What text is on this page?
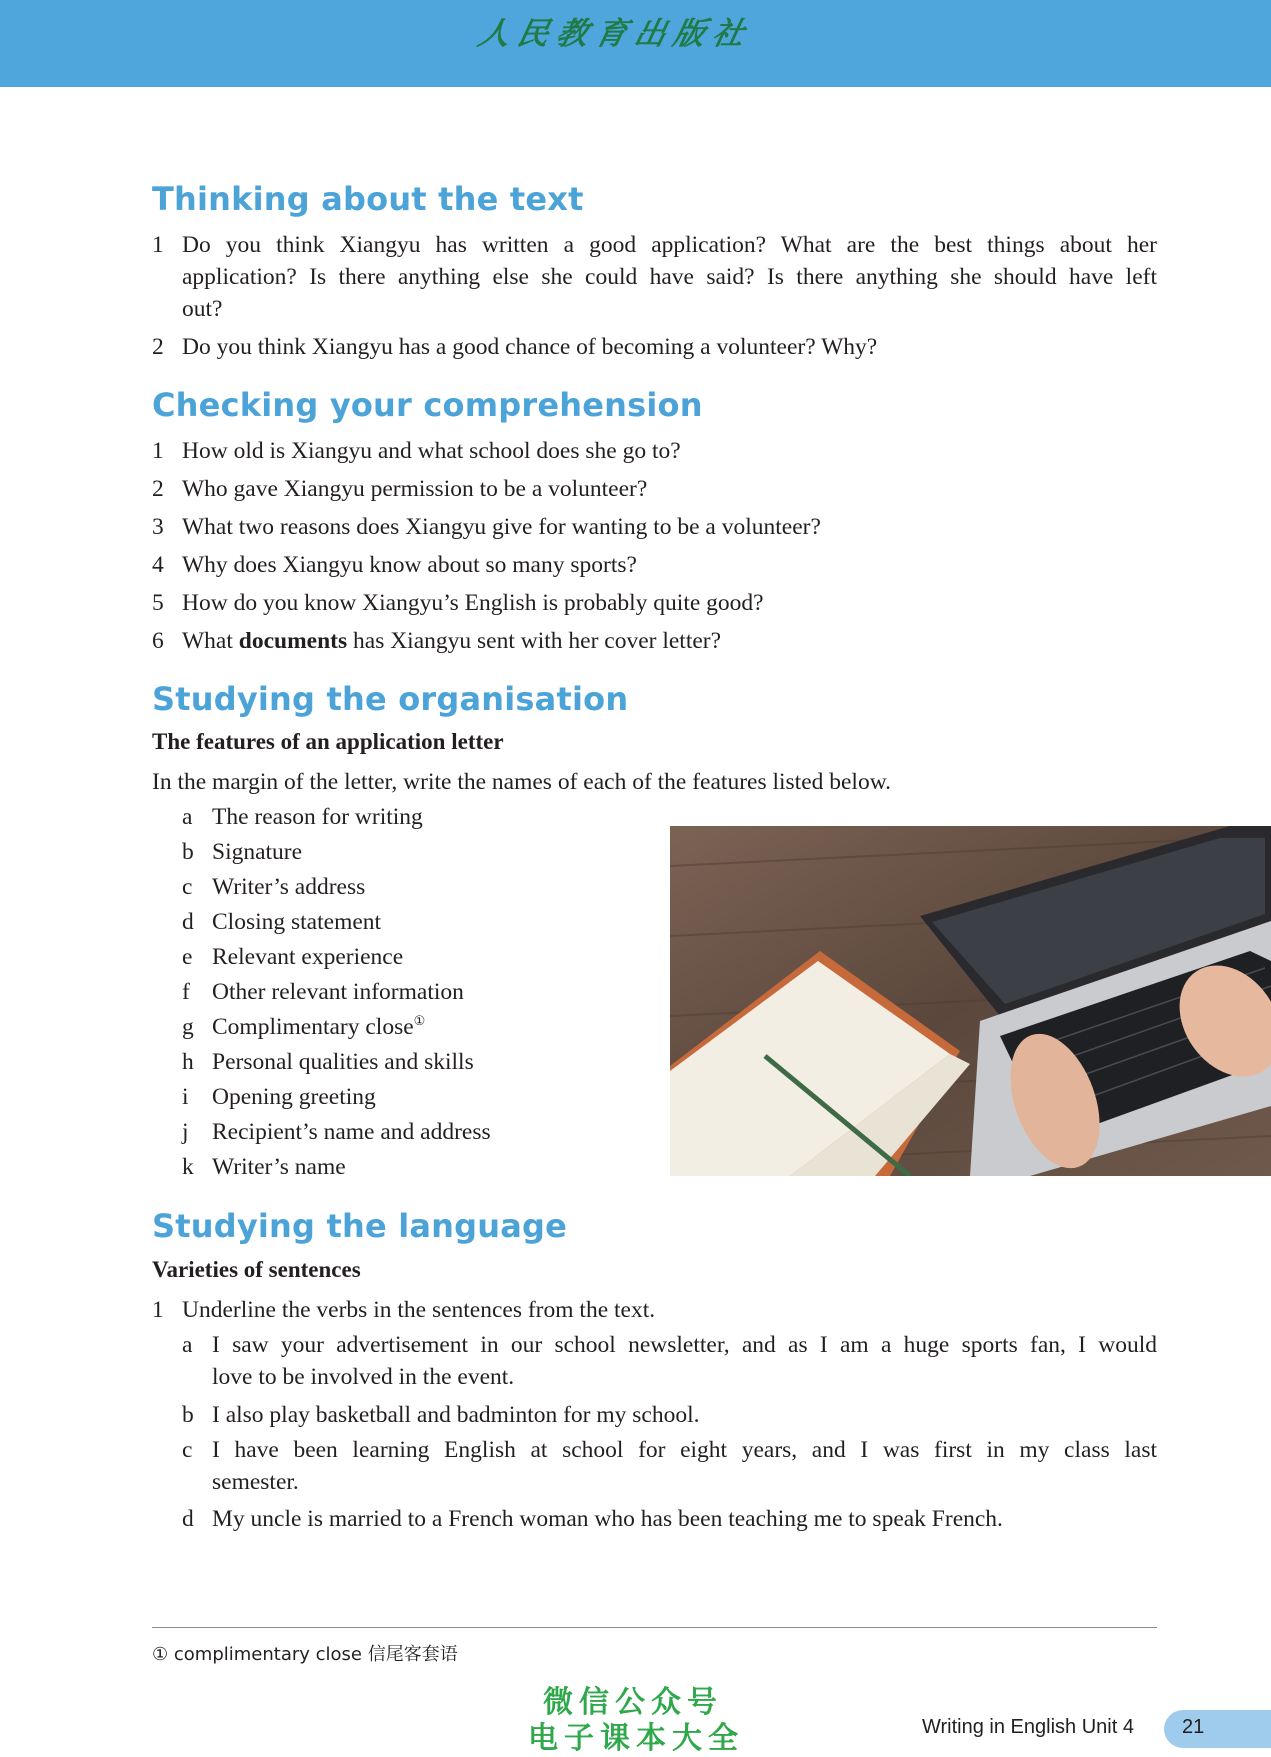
人民教育出版社
Thinking about the text
1 Do you think Xiangyu has written a good application? What are the best things about her
application? Is there anything else she could have said? Is there anything she should have left
out?
2 Do you think Xiangyu has a good chance of becoming a volunteer? Why?
Checking your comprehension
1 How old is Xiangyu and what school does she go to?
2 Who gave Xiangyu permission to be a volunteer?
3 What two reasons does Xiangyu give for wanting to be a volunteer?
4 Why does Xiangyu know about so many sports?
5 How do you know Xiangyu’s English is probably quite good?
6 What documents has Xiangyu sent with her cover letter?
Studying the organisation
The features of an application letter
In the margin of the letter, write the names of each of the features listed below.
a The reason for writing
b Signature
c Writer’s address
d Closing statement
e Relevant experience
f Other relevant information
g Complimentary close①
h Personal qualities and skills
i Opening greeting
j Recipient’s name and address
k Writer’s name
Studying the language
Varieties of sentences
1 Underline the verbs in the sentences from the text.
a I saw your advertisement in our school newsletter, and as I am a huge sports fan, I would
love to be involved in the event.
b I also play basketball and badminton for my school.
c I have been learning English at school for eight years, and I was first in my class last
semester.
d My uncle is married to a French woman who has been teaching me to speak French.
① complimentary close 信尾客套语
微信公众号
电子课本大全	Writing in English Unit 4 21
